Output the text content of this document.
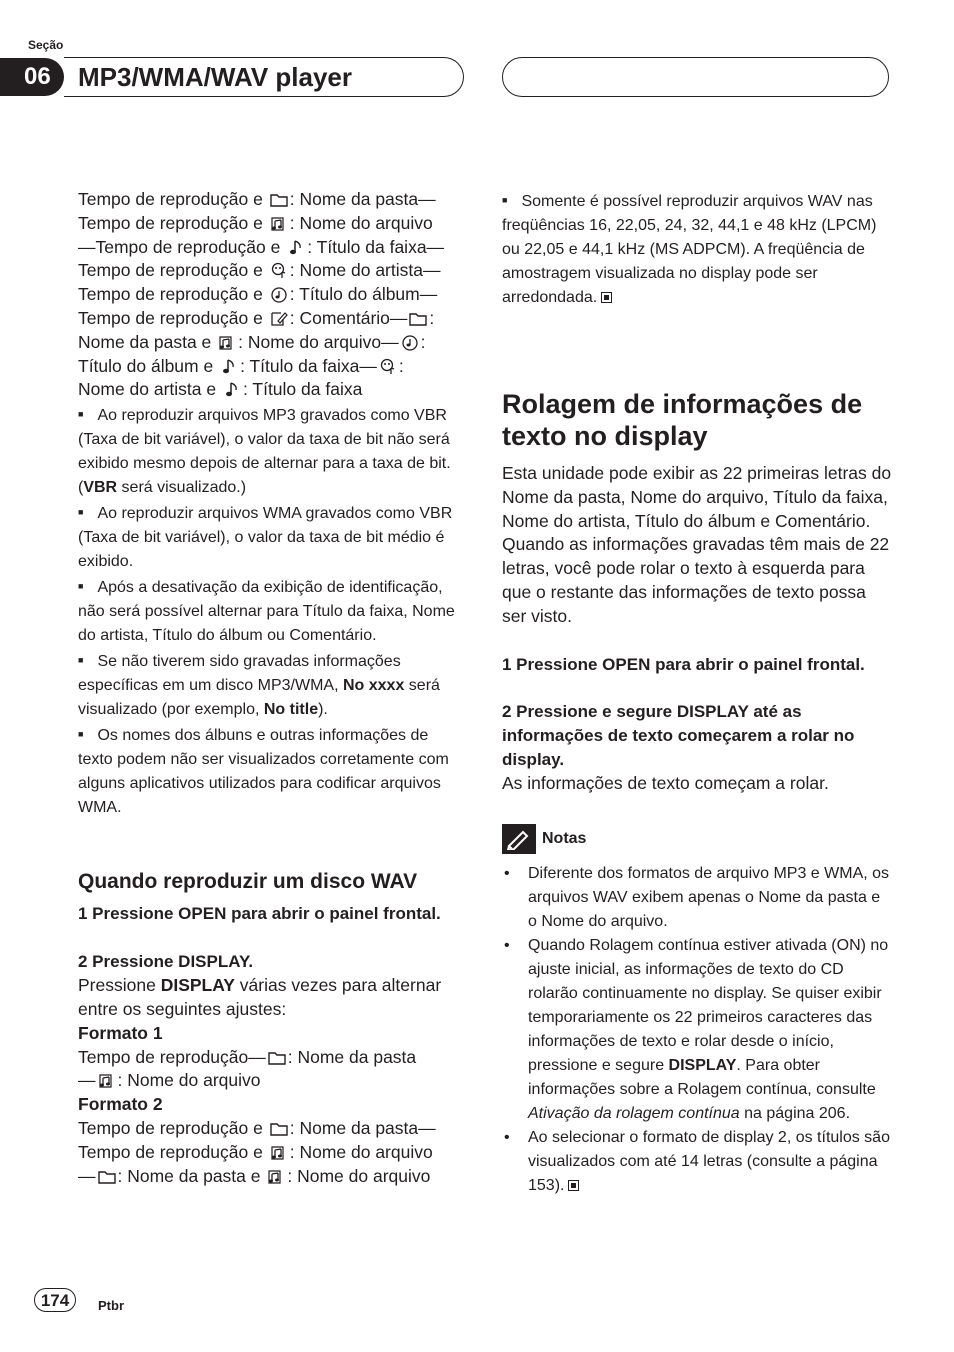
Seção
06	MP3/WMA/WAV player

Tempo de reprodução e : Nome da pasta—

Tempo de reprodução e : Nome do arquivo

—Tempo de reprodução e : Título da faixa—

Tempo de reprodução e : Nome do artista—

Tempo de reprodução e : Título do álbum—

Tempo de reprodução e : Comentário— :

Nome da pasta e : Nome do arquivo— :

Título do álbum e : Título da faixa— :

Nome do artista e : Título da faixa

■ Ao reproduzir arquivos MP3 gravados como VBR (Taxa de bit variável), o valor da taxa de bit não será exibido mesmo depois de alternar para a taxa de bit. (VBR será visualizado.)

■ Ao reproduzir arquivos WMA gravados como VBR (Taxa de bit variável), o valor da taxa de bit médio é exibido.

■ Após a desativação da exibição de identificação, não será possível alternar para Título da faixa, Nome do artista, Título do álbum ou Comentário.

■ Se não tiverem sido gravadas informações específicas em um disco MP3/WMA, No xxxx será visualizado (por exemplo, No title).

■ Os nomes dos álbuns e outras informações de texto podem não ser visualizados corretamente com alguns aplicativos utilizados para codificar arquivos WMA.

Quando reproduzir um disco WAV

1 Pressione OPEN para abrir o painel frontal.

2 Pressione DISPLAY.

Pressione DISPLAY várias vezes para alternar entre os seguintes ajustes:

Formato 1

Tempo de reprodução— : Nome da pasta

— : Nome do arquivo

Formato 2

Tempo de reprodução e : Nome da pasta—

Tempo de reprodução e : Nome do arquivo

— : Nome da pasta e : Nome do arquivo

■ Somente é possível reproduzir arquivos WAV nas freqüências 16, 22,05, 24, 32, 44,1 e 48 kHz (LPCM) ou 22,05 e 44,1 kHz (MS ADPCM). A freqüência de amostragem visualizada no display pode ser arredondada.

Rolagem de informações de texto no display

Esta unidade pode exibir as 22 primeiras letras do Nome da pasta, Nome do arquivo, Título da faixa, Nome do artista, Título do álbum e Comentário. Quando as informações gravadas têm mais de 22 letras, você pode rolar o texto à esquerda para que o restante das informações de texto possa ser visto.

1 Pressione OPEN para abrir o painel frontal.

2 Pressione e segure DISPLAY até as informações de texto começarem a rolar no display.

As informações de texto começam a rolar.

Notas
• Diferente dos formatos de arquivo MP3 e WMA, os arquivos WAV exibem apenas o Nome da pasta e o Nome do arquivo.
• Quando Rolagem contínua estiver ativada (ON) no ajuste inicial, as informações de texto do CD rolarão continuamente no display. Se quiser exibir temporariamente os 22 primeiros caracteres das informações de texto e rolar desde o início, pressione e segure DISPLAY. Para obter informações sobre a Rolagem contínua, consulte Ativação da rolagem contínua na página 206.
• Ao selecionar o formato de display 2, os títulos são visualizados com até 14 letras (consulte a página 153).
174	Ptbr
